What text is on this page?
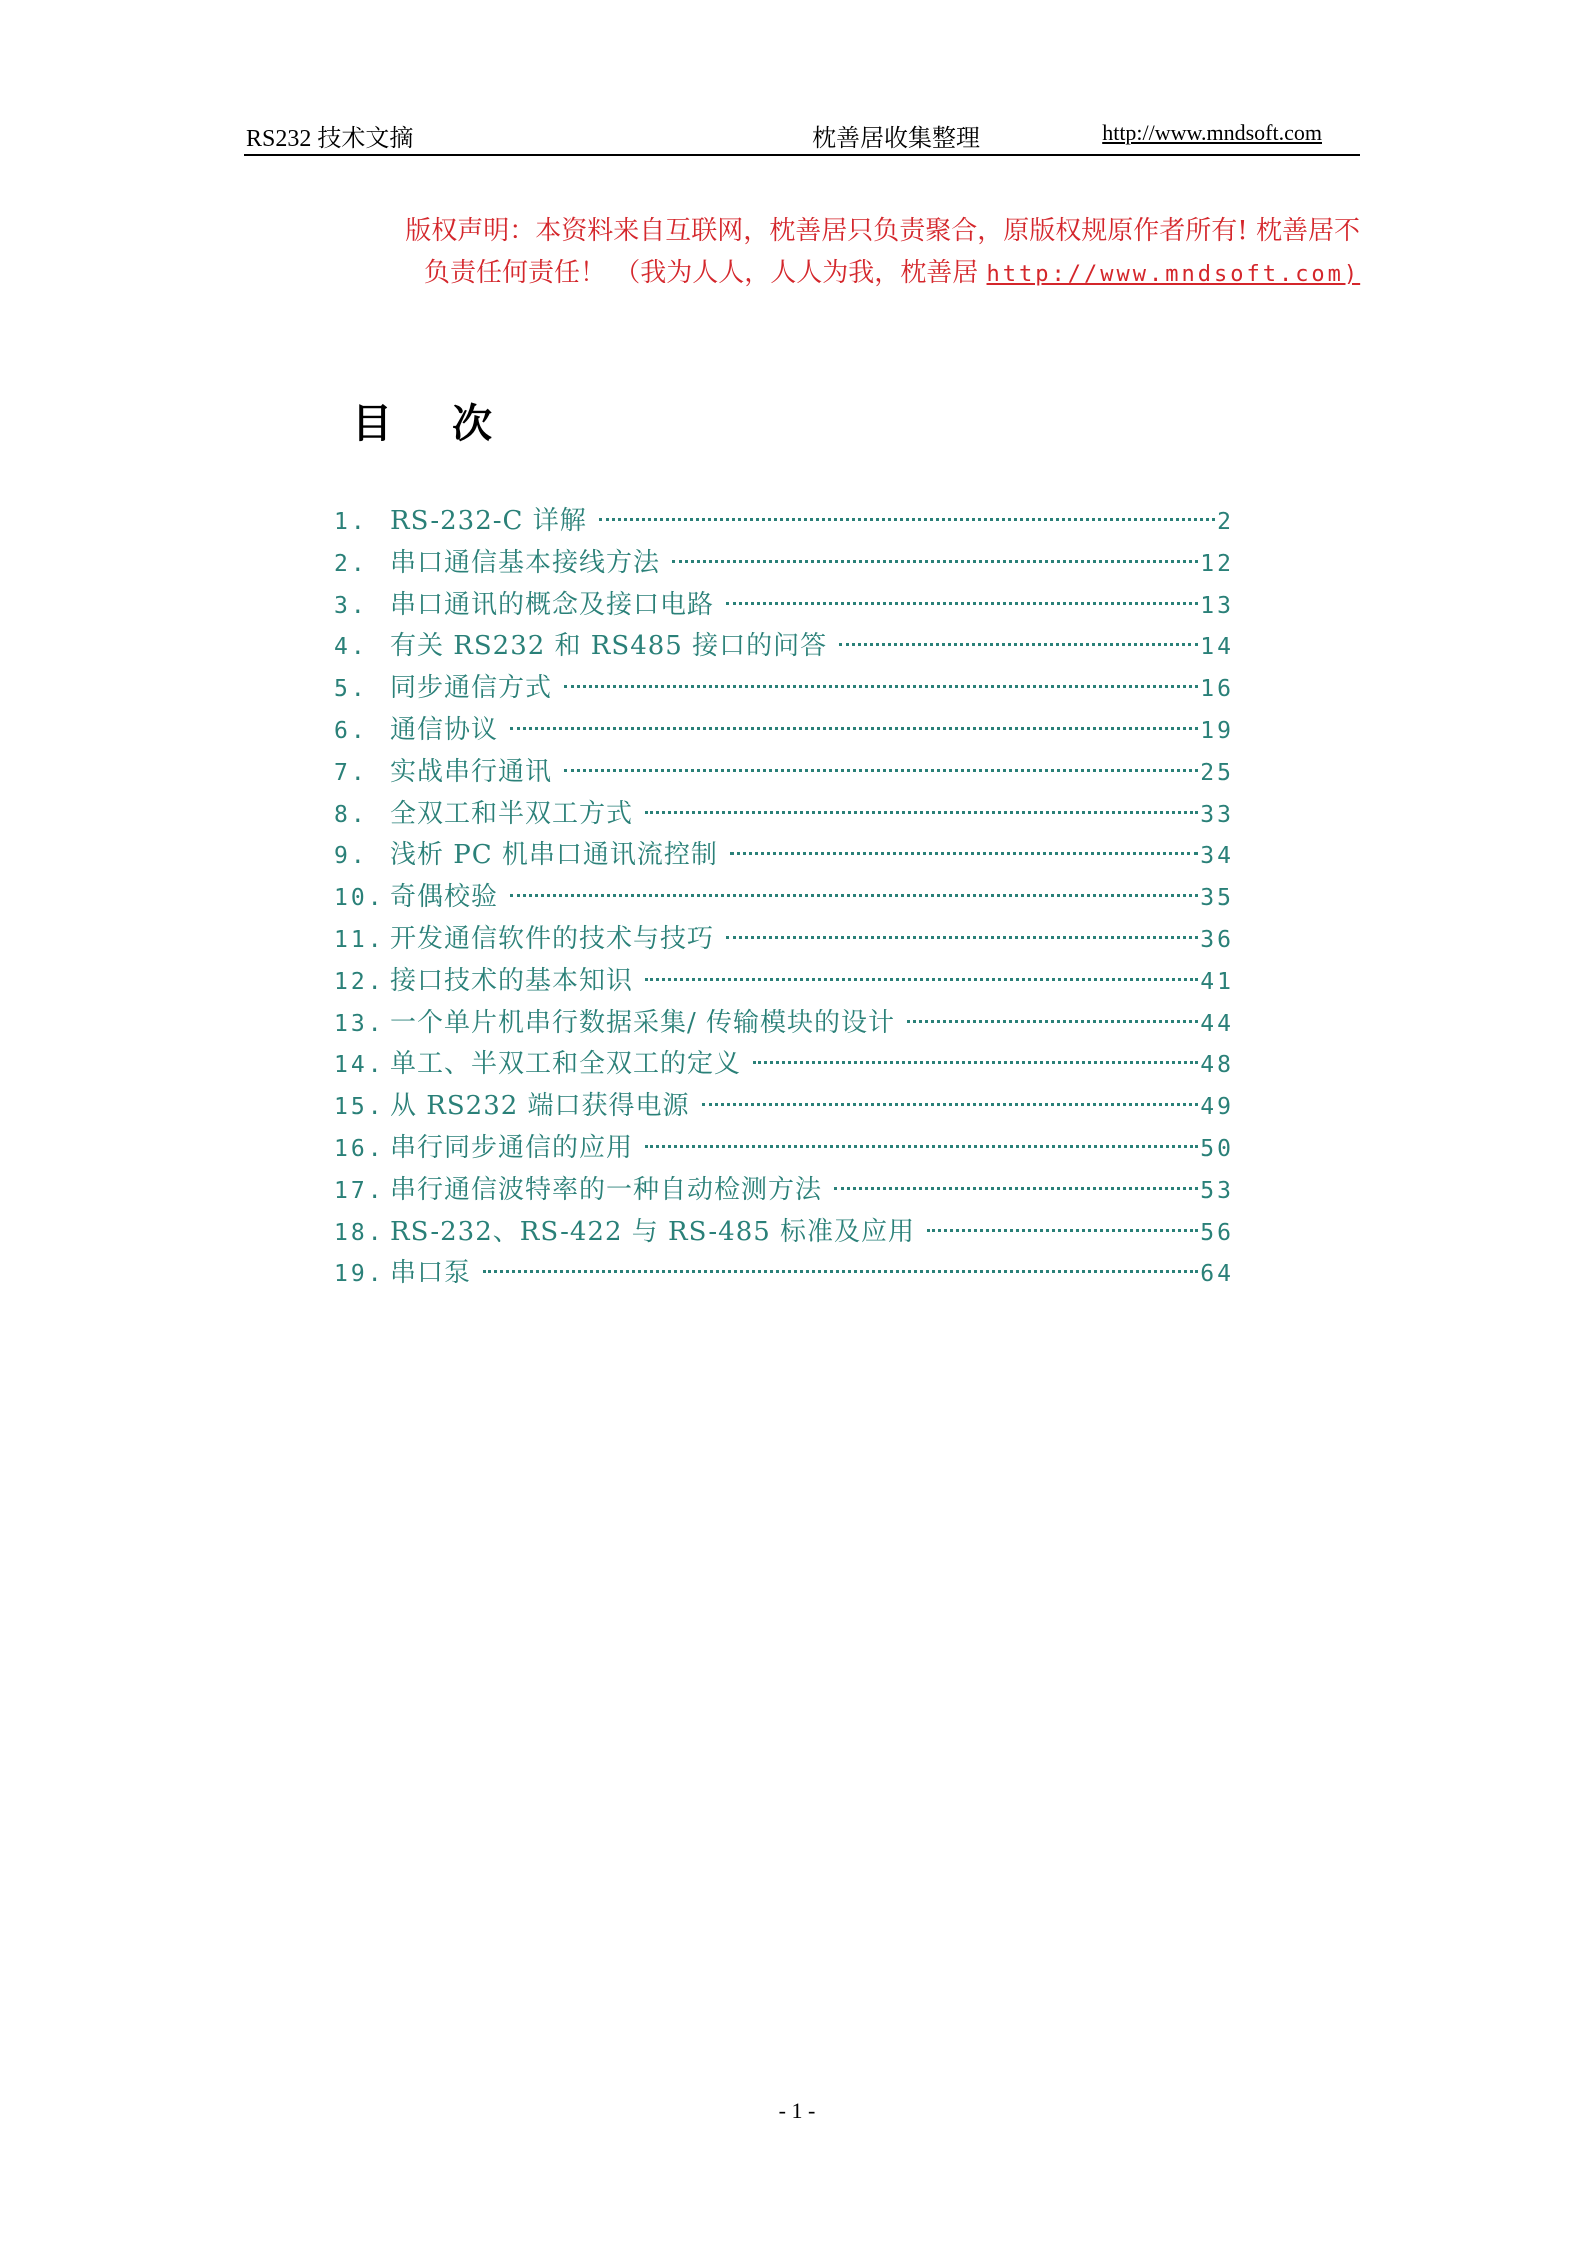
RS232 技术文摘	枕善居收集整理	http://www.mndsoft.com
版权声明：本资料来自互联网，枕善居只负责聚合，原版权规原作者所有! 枕善居不
负责任何责任！ （我为人人，人人为我，枕善居 http://www.mndsoft.com)
目次
1. RS-232-C 详解	2
2. 串口通信基本接线方法	12
3. 串口通讯的概念及接口电路	13
4. 有关 RS232 和 RS485 接口的问答	14
5. 同步通信方式	16
6. 通信协议	19
7. 实战串行通讯	25
8. 全双工和半双工方式	33
9. 浅析 PC 机串口通讯流控制	34
10. 奇偶校验	35
11. 开发通信软件的技术与技巧	36
12. 接口技术的基本知识	41
13. 一个单片机串行数据采集/ 传输模块的设计	44
14. 单工、半双工和全双工的定义	48
15. 从 RS232 端口获得电源	49
16. 串行同步通信的应用	50
17. 串行通信波特率的一种自动检测方法	53
18. RS-232、RS-422 与 RS-485 标准及应用	56
19. 串口泵	64
- 1 -
